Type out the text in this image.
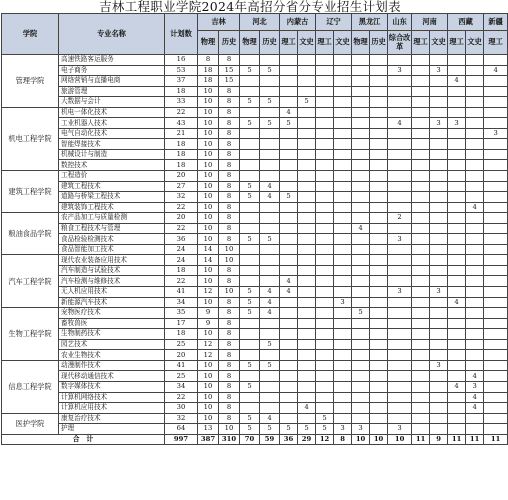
吉林工程职业学院2024年高招分省分专业招生计划表
学院	专业名称	计划数	吉林		河北		内蒙古		辽宁		黑龙江		山东	河南		西藏		新疆
			物理	历史	物理	历史	理工	文史	理工	文史	物理	历史	综合改革	理工	文史	理工	文史	理工
管理学院	高速铁路客运服务	16	8	8														
	电子商务	53	18	15	5	5							3		3			4
	网络营销与直播电商	37	18	15												4		
	旅游管理	18	10	8														
	大数据与会计	33	10	8	5	5		5										
机电工程学院	机电一体化技术	22	10	8			4											
	工业机器人技术	43	10	8	5	5	5						4		3	3		
	电气自动化技术	21	10	8														3
	智能焊接技术	18	10	8														
	机械设计与制造	18	10	8														
	数控技术	18	10	8														
建筑工程学院	工程造价	20	10	8														
	建筑工程技术	27	10	8	5	4												
	道路与桥梁工程技术	32	10	8	5	4	5											
	建筑装饰工程技术	22	10	8													4	
粮油食品学院	农产品加工与质量检测	20	10	8									2					
	粮食工程技术与管理	22	10	8							4							
	食品检验检测技术	36	10	8	5	5							3					
	食品智能加工技术	24	14	10														
汽车工程学院	现代农业装备应用技术	24	14	10														
	汽车制造与试验技术	18	10	8														
	汽车检测与维修技术	22	10	8			4											
	无人机应用技术	41	12	10	5	4	4						3		3			
	新能源汽车技术	34	10	8	5	4				3						4		
生物工程学院	宠物医疗技术	35	9	8	5	4					5							
	畜牧兽医	17	9	8														
	生物制药技术	18	10	8														
	园艺技术	25	12	8		5												
	农业生物技术	20	12	8														
信息工程学院	动漫制作技术	41	10	8	5	5									3			
	现代移动通信技术	25	10	8													4	
	数字媒体技术	34	10	8	5											4	3	
	计算机网络技术	22	10	8													4	
	计算机应用技术	30	10	8				4									4	
医护学院	康复治疗技术	32	10	8	5	4			5									
	护理	64	13	10	5	5	5	5	5	3	3		3					
合　计		997	387	310	70	59	36	29	12	8	10	10	10	11	9	11	11	11
